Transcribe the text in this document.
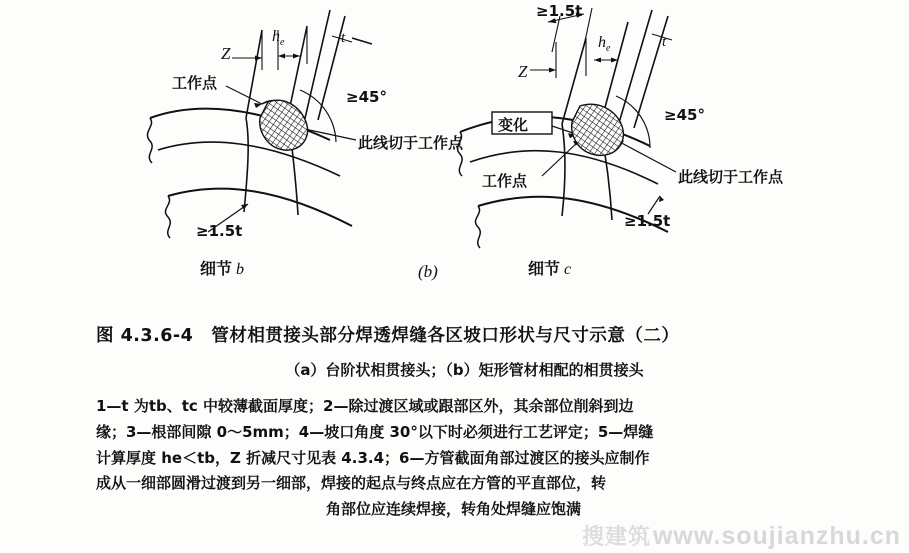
Z
$h_e$	t
工作点
≥45°
此线切于工作点
≥1.5t
细节 b	(b)
≥1.5t
Z
$h_e$	t
变化
≥45°
工作点	此线切于工作点
≥1.5t
细节 c
图 4.3.6-4　管材相贯接头部分焊透焊缝各区坡口形状与尺寸示意（二）
（a）台阶状相贯接头；（b）矩形管材相配的相贯接头
1—t 为tb、tc 中较薄截面厚度；2—除过渡区域或跟部区外，其余部位削斜到边
缘；3—根部间隙 0～5mm；4—坡口角度 30°以下时必须进行工艺评定；5—焊缝
计算厚度 he＜tb，Z 折减尺寸见表 4.3.4；6—方管截面角部过渡区的接头应制作
成从一细部圆滑过渡到另一细部，焊接的起点与终点应在方管的平直部位，转
角部位应连续焊接，转角处焊缝应饱满
搜建筑www.soujianzhu.cn
